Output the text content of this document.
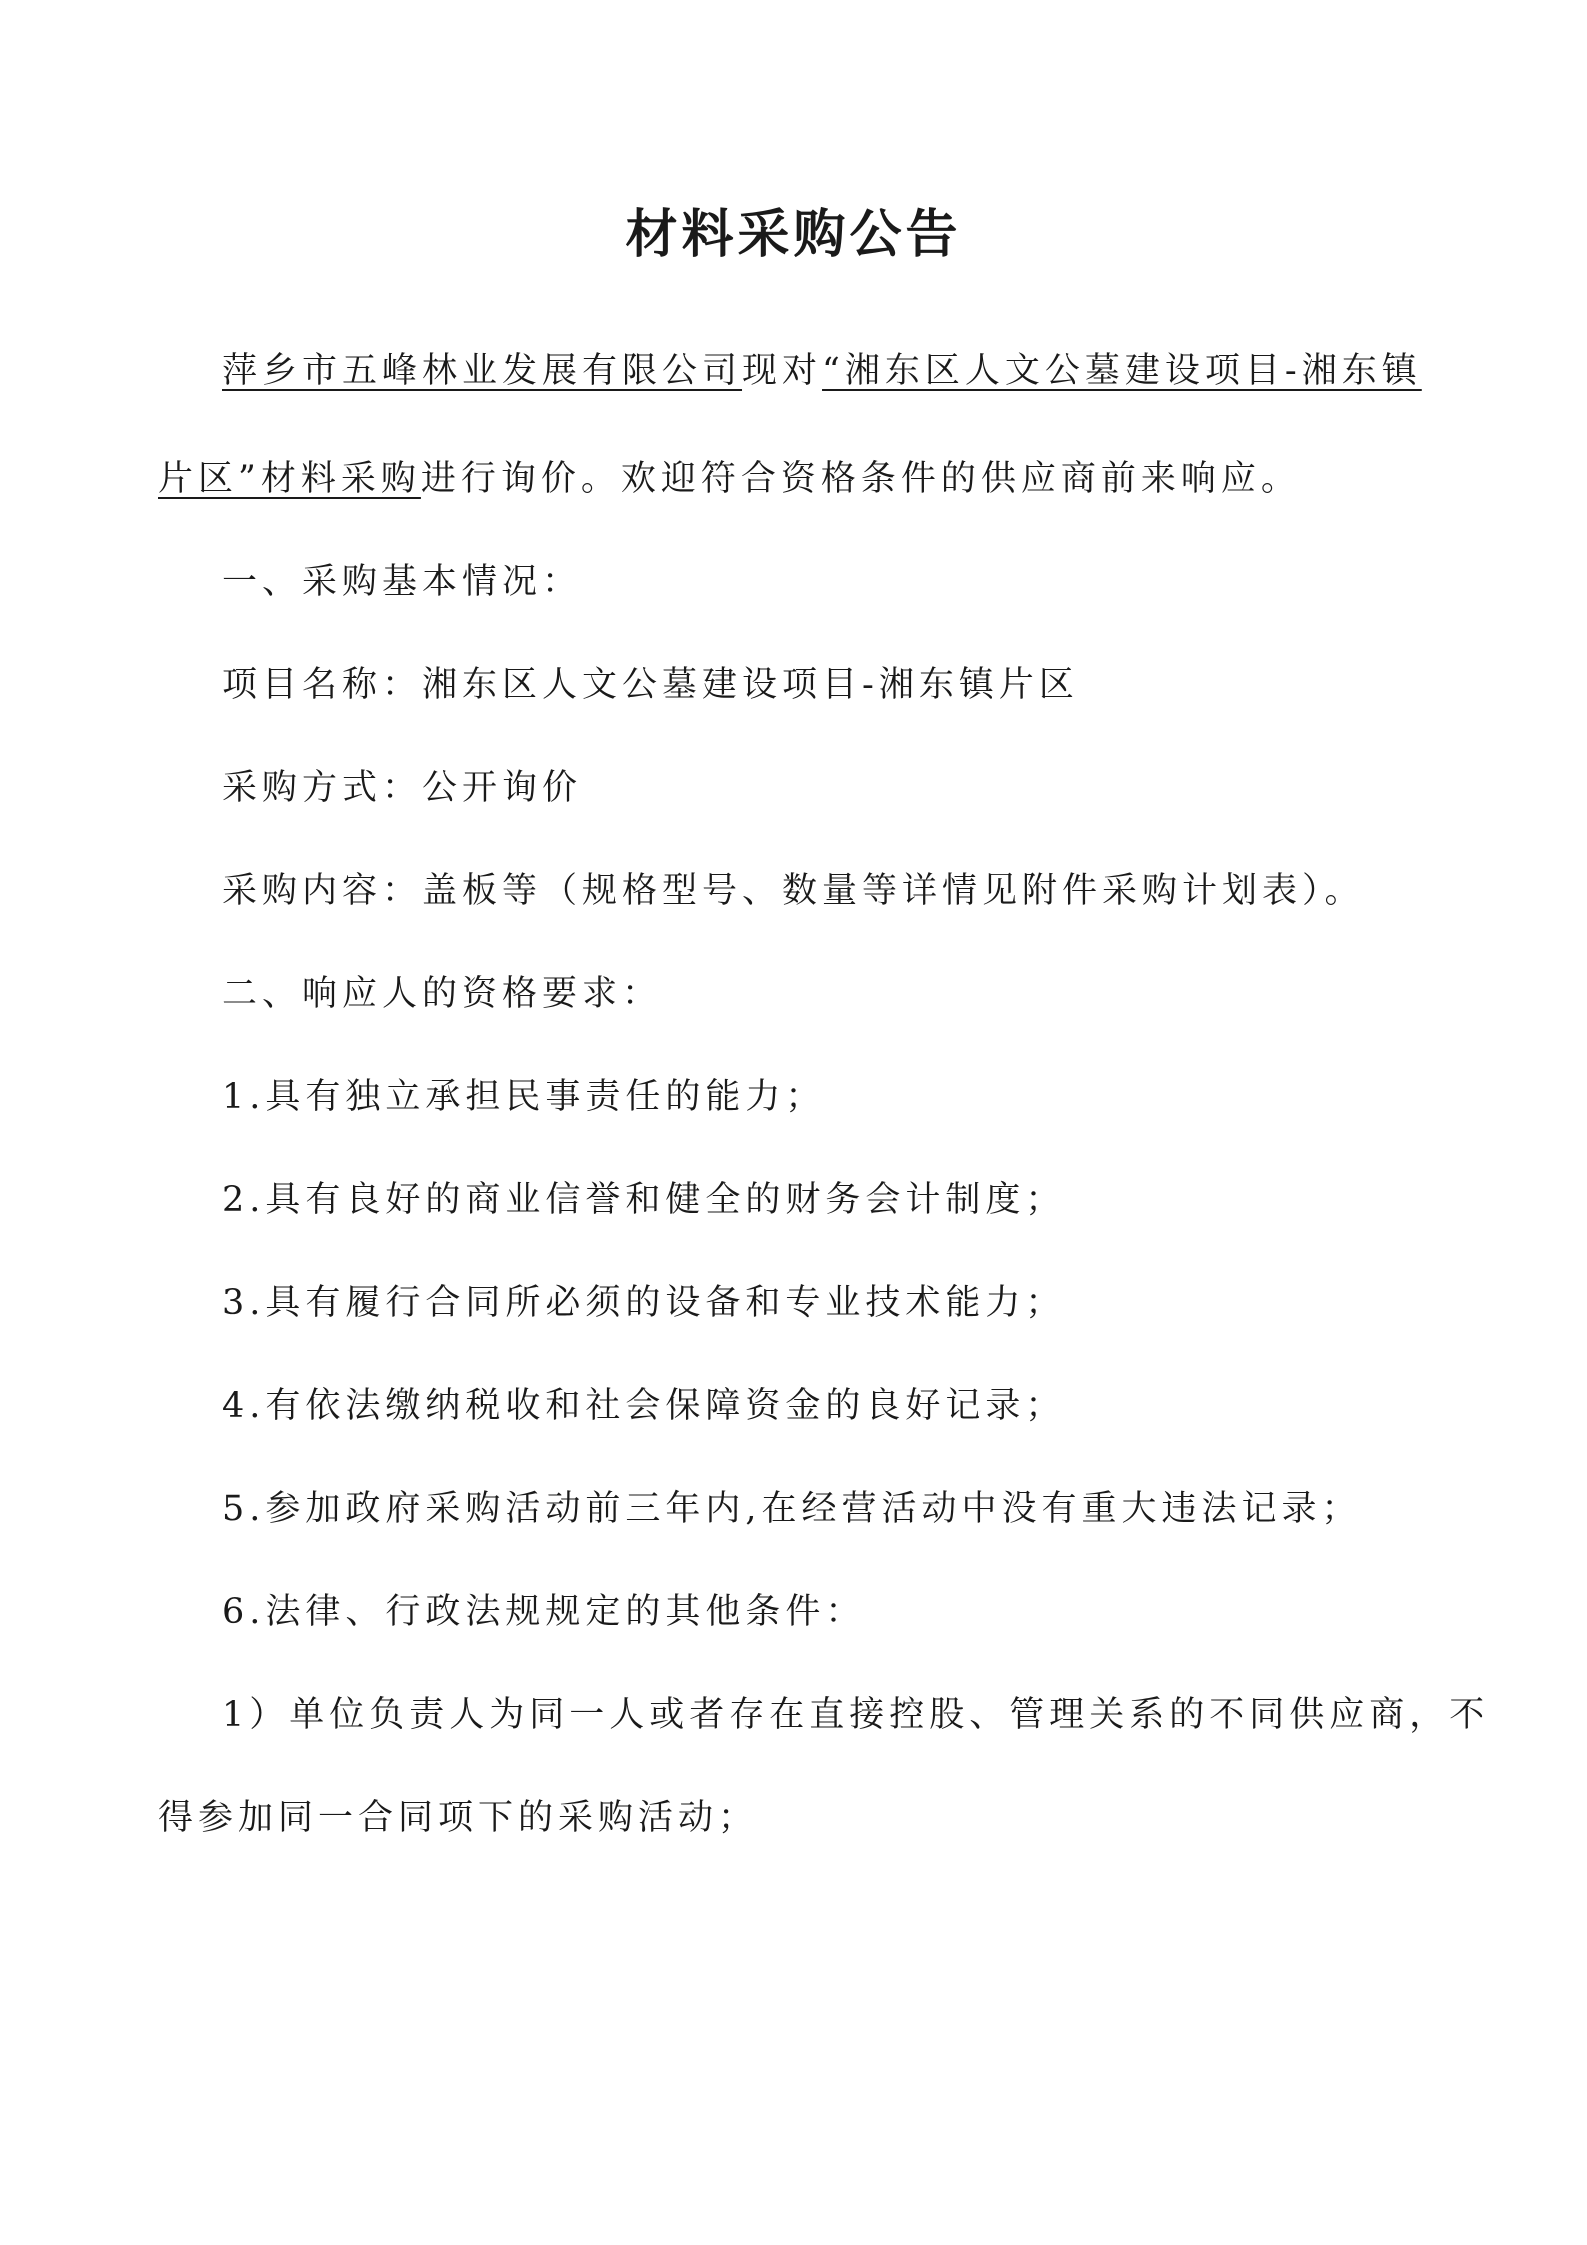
材料采购公告
萍乡市五峰林业发展有限公司现对“湘东区人文公墓建设项目-湘东镇
片区”材料采购进行询价。欢迎符合资格条件的供应商前来响应。
一、采购基本情况：
项目名称：湘东区人文公墓建设项目-湘东镇片区
采购方式：公开询价
采购内容：盖板等（规格型号、数量等详情见附件采购计划表）。
二、响应人的资格要求：
1.具有独立承担民事责任的能力；
2.具有良好的商业信誉和健全的财务会计制度；
3.具有履行合同所必须的设备和专业技术能力；
4.有依法缴纳税收和社会保障资金的良好记录；
5.参加政府采购活动前三年内,在经营活动中没有重大违法记录；
6.法律、行政法规规定的其他条件：
1）单位负责人为同一人或者存在直接控股、管理关系的不同供应商，不
得参加同一合同项下的采购活动；
